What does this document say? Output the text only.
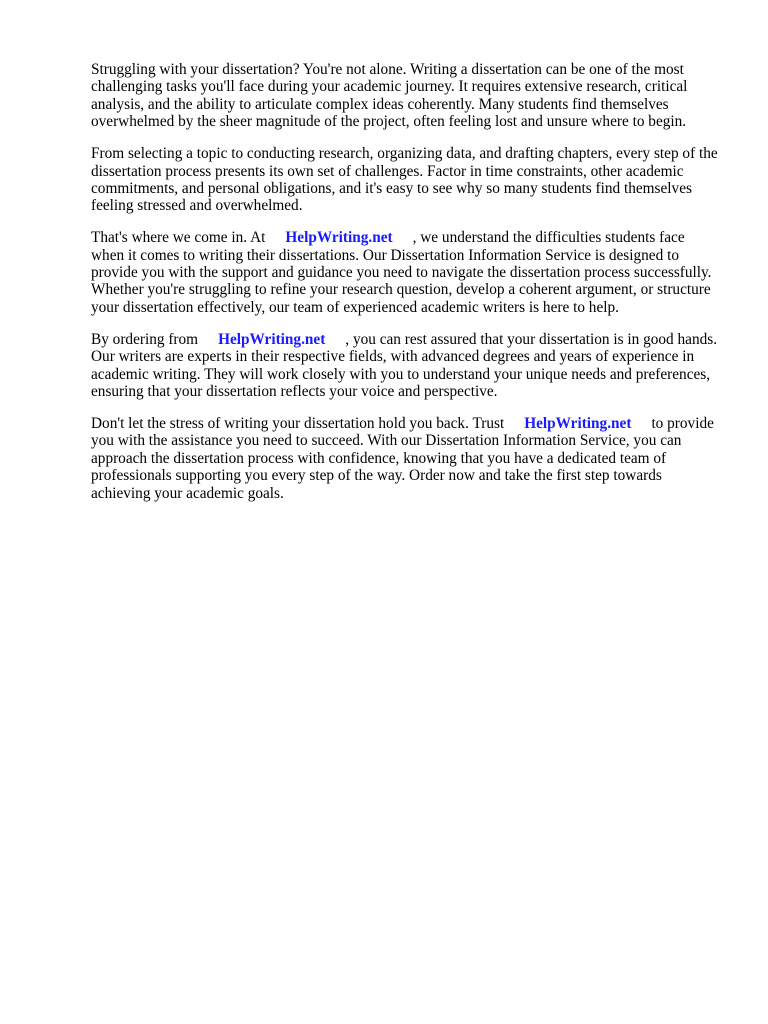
Struggling with your dissertation? You're not alone. Writing a dissertation can be one of the most challenging tasks you'll face during your academic journey. It requires extensive research, critical analysis, and the ability to articulate complex ideas coherently. Many students find themselves overwhelmed by the sheer magnitude of the project, often feeling lost and unsure where to begin.

From selecting a topic to conducting research, organizing data, and drafting chapters, every step of the dissertation process presents its own set of challenges. Factor in time constraints, other academic commitments, and personal obligations, and it's easy to see why so many students find themselves feeling stressed and overwhelmed.

That's where we come in. At HelpWriting.net , we understand the difficulties students face when it comes to writing their dissertations. Our Dissertation Information Service is designed to provide you with the support and guidance you need to navigate the dissertation process successfully. Whether you're struggling to refine your research question, develop a coherent argument, or structure your dissertation effectively, our team of experienced academic writers is here to help.

By ordering from HelpWriting.net , you can rest assured that your dissertation is in good hands. Our writers are experts in their respective fields, with advanced degrees and years of experience in academic writing. They will work closely with you to understand your unique needs and preferences, ensuring that your dissertation reflects your voice and perspective.

Don't let the stress of writing your dissertation hold you back. Trust HelpWriting.net to provide you with the assistance you need to succeed. With our Dissertation Information Service, you can approach the dissertation process with confidence, knowing that you have a dedicated team of professionals supporting you every step of the way. Order now and take the first step towards achieving your academic goals.
